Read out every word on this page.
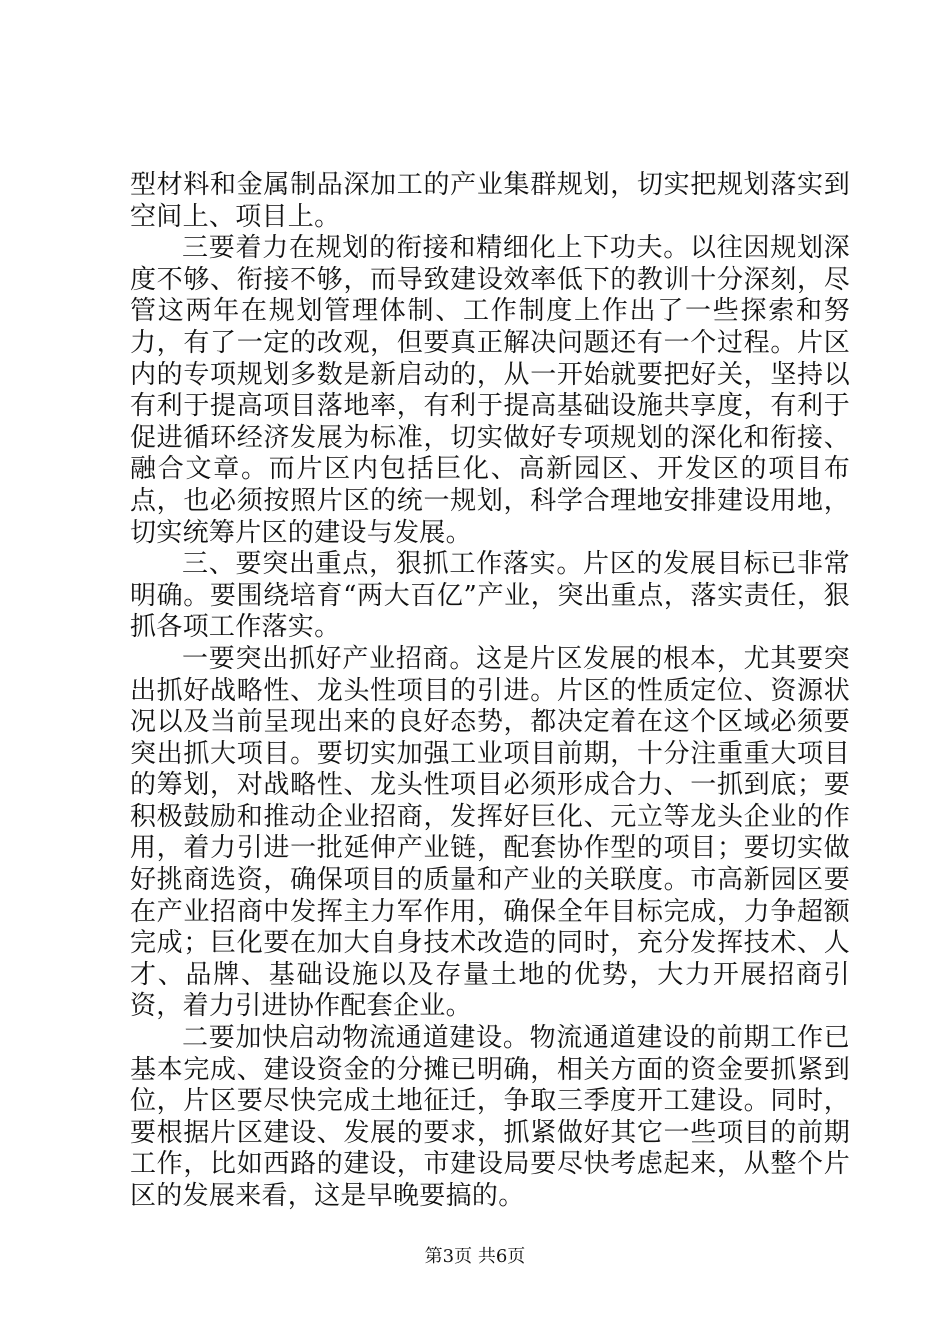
型材料和金属制品深加工的产业集群规划，切实把规划落实到空间上、项目上。

三要着力在规划的衔接和精细化上下功夫。以往因规划深度不够、衔接不够，而导致建设效率低下的教训十分深刻，尽管这两年在规划管理体制、工作制度上作出了一些探索和努力，有了一定的改观，但要真正解决问题还有一个过程。片区内的专项规划多数是新启动的，从一开始就要把好关，坚持以有利于提高项目落地率，有利于提高基础设施共享度，有利于促进循环经济发展为标准，切实做好专项规划的深化和衔接、融合文章。而片区内包括巨化、高新园区、开发区的项目布点，也必须按照片区的统一规划，科学合理地安排建设用地，切实统筹片区的建设与发展。

三、要突出重点，狠抓工作落实。片区的发展目标已非常明确。要围绕培育“两大百亿”产业，突出重点，落实责任，狠抓各项工作落实。

一要突出抓好产业招商。这是片区发展的根本，尤其要突出抓好战略性、龙头性项目的引进。片区的性质定位、资源状况以及当前呈现出来的良好态势，都决定着在这个区域必须要突出抓大项目。要切实加强工业项目前期，十分注重重大项目的筹划，对战略性、龙头性项目必须形成合力、一抓到底；要积极鼓励和推动企业招商，发挥好巨化、元立等龙头企业的作用，着力引进一批延伸产业链，配套协作型的项目；要切实做好挑商选资，确保项目的质量和产业的关联度。市高新园区要在产业招商中发挥主力军作用，确保全年目标完成，力争超额完成；巨化要在加大自身技术改造的同时，充分发挥技术、人才、品牌、基础设施以及存量土地的优势，大力开展招商引资，着力引进协作配套企业。

二要加快启动物流通道建设。物流通道建设的前期工作已基本完成、建设资金的分摊已明确，相关方面的资金要抓紧到位，片区要尽快完成土地征迁，争取三季度开工建设。同时，要根据片区建设、发展的要求，抓紧做好其它一些项目的前期工作，比如西路的建设，市建设局要尽快考虑起来，从整个片区的发展来看，这是早晚要搞的。

第3页 共6页
